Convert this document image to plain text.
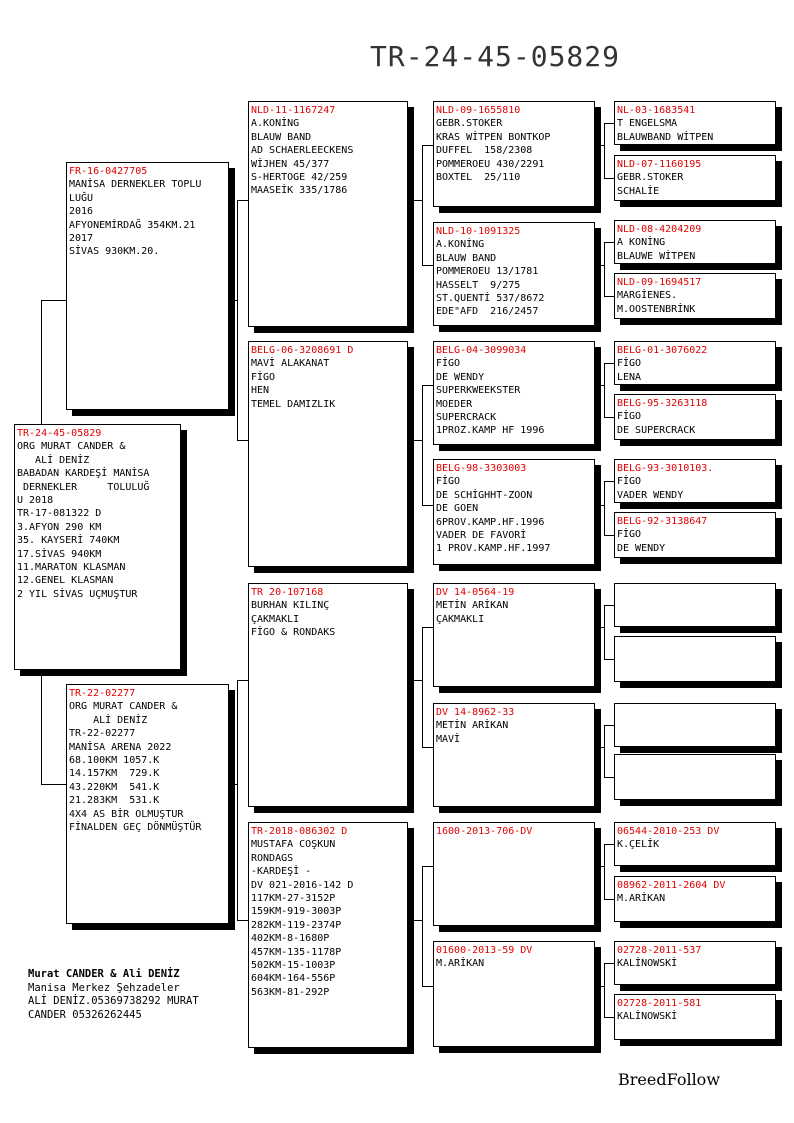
TR-24-45-05829
TR-24-45-05829
ORG MURAT CANDER &
ALİ DENİZ
BABADAN KARDEŞİ MANİSA
DERNEKLER     TOLULUĞ
U 2018
TR-17-081322 D
3.AFYON 290 KM
35. KAYSERİ 740KM
17.SİVAS 940KM
11.MARATON KLASMAN
12.GENEL KLASMAN
2 YIL SİVAS UÇMUŞTUR
FR-16-0427705
MANİSA DERNEKLER TOPLU
LUĞU
2016
AFYONEMİRDAĞ 354KM.21
2017
SİVAS 930KM.20.
TR-22-02277
ORG MURAT CANDER &
ALİ DENİZ
TR-22-02277
MANİSA ARENA 2022
68.100KM 1057.K
14.157KM  729.K
43.220KM  541.K
21.283KM  531.K
4X4 AS BİR OLMUŞTUR
FİNALDEN GEÇ DÖNMÜŞTÜR
NLD-11-1167247
A.KONİNG
BLAUW BAND
AD SCHAERLEECKENS
WİJHEN 45/377
S-HERTOGE 42/259
MAASEİK 335/1786
BELG-06-3208691 D
MAVİ ALAKANAT
FİGO
HEN
TEMEL DAMIZLIK
TR 20-107168
BURHAN KILINÇ
ÇAKMAKLI
FİGO & RONDAKS
TR-2018-086302 D
MUSTAFA COŞKUN
RONDAGS
-KARDEŞİ -
DV 021-2016-142 D
117KM-27-3152P
159KM-919-3003P
282KM-119-2374P
402KM-8-1680P
457KM-135-1178P
502KM-15-1003P
604KM-164-556P
563KM-81-292P
NLD-09-1655810
GEBR.STOKER
KRAS WİTPEN BONTKOP
DUFFEL  158/2308
POMMEROEU 430/2291
BOXTEL  25/110
NLD-10-1091325
A.KONİNG
BLAUW BAND
POMMEROEU 13/1781
HASSELT  9/275
ST.QUENTİ 537/8672
EDE"AFD  216/2457
BELG-04-3099034
FİGO
DE WENDY
SUPERKWEEKSTER
MOEDER
SUPERCRACK
1PROZ.KAMP HF 1996
BELG-98-3303003
FİGO
DE SCHİGHHT-ZOON
DE GOEN
6PROV.KAMP.HF.1996
VADER DE FAVORİ
1 PROV.KAMP.HF.1997
DV 14-0564-19
METİN ARİKAN
ÇAKMAKLI
DV 14-8962-33
METİN ARİKAN
MAVİ
1600-2013-706-DV
01600-2013-59 DV
M.ARİKAN
NL-03-1683541
T ENGELSMA
BLAUWBAND WİTPEN
NLD-07-1160195
GEBR.STOKER
SCHALİE
NLD-08-4204209
A KONİNG
BLAUWE WİTPEN
NLD-09-1694517
MARGİENES.
M.OOSTENBRİNK
BELG-01-3076022
FİGO
LENA
BELG-95-3263118
FİGO
DE SUPERCRACK
BELG-93-3010103.
FİGO
VADER WENDY
BELG-92-3138647
FİGO
DE WENDY
06544-2010-253 DV
K.ÇELİK
08962-2011-2604 DV
M.ARİKAN
02728-2011-537
KALİNOWSKİ
02728-2011-581
KALİNOWSKİ
Murat CANDER & Ali DENİZ
Manisa Merkez Şehzadeler
ALİ DENİZ.05369738292 MURAT
CANDER 05326262445
BreedFollow
